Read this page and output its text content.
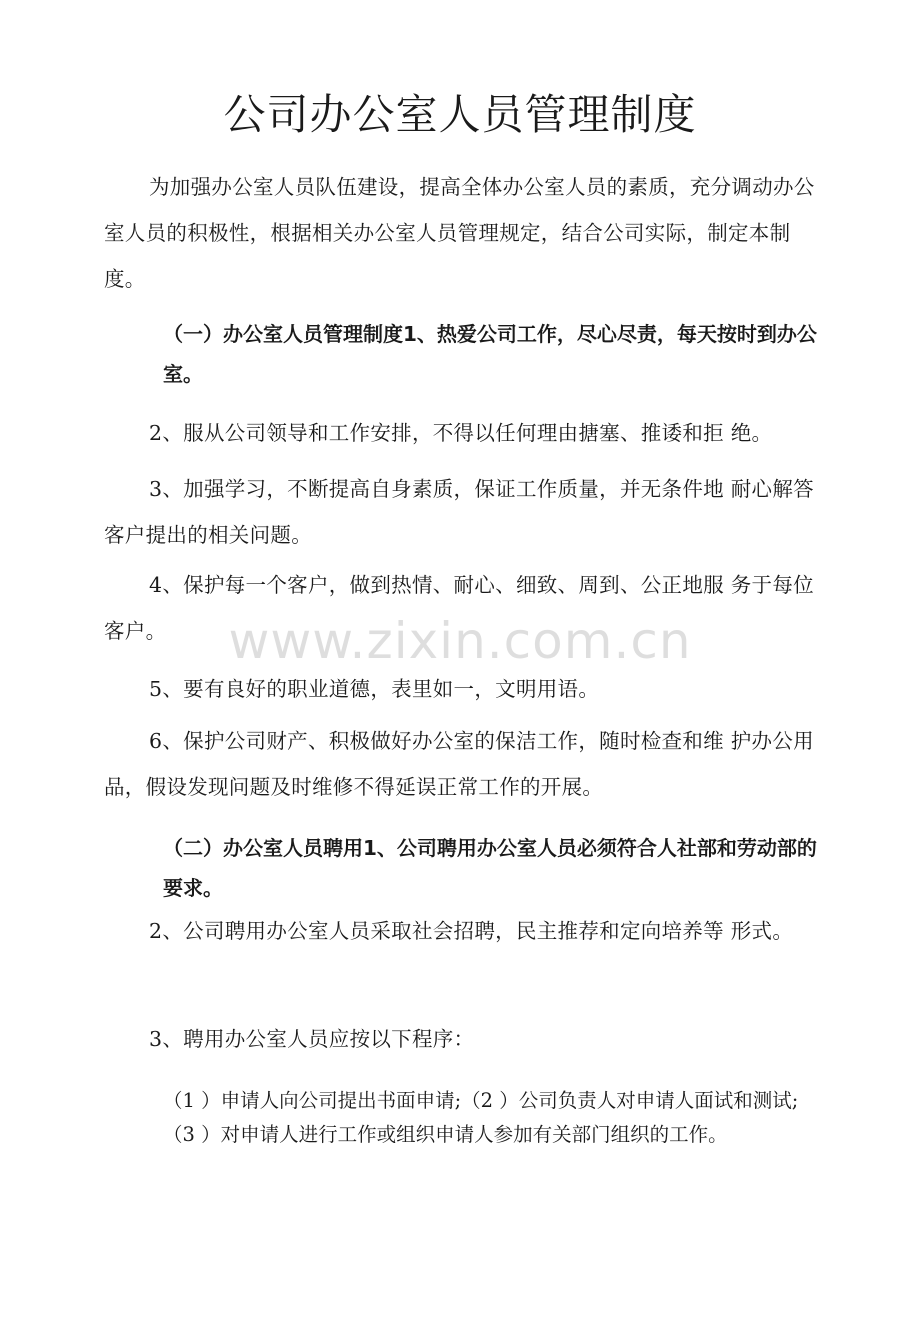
公司办公室人员管理制度

为加强办公室人员队伍建设，提高全体办公室人员的素质，充分调动办公室人员的积极性，根据相关办公室人员管理规定，结合公司实际，制定本制度。

（一）办公室人员管理制度1、热爱公司工作，尽心尽责，每天按时到办公室。

2、服从公司领导和工作安排，不得以任何理由搪塞、推诿和拒 绝。

3、加强学习，不断提高自身素质，保证工作质量，并无条件地 耐心解答客户提出的相关问题。

4、保护每一个客户，做到热情、耐心、细致、周到、公正地服 务于每位客户。

5、要有良好的职业道德，表里如一，文明用语。

6、保护公司财产、积极做好办公室的保洁工作，随时检查和维 护办公用品，假设发现问题及时维修不得延误正常工作的开展。

（二）办公室人员聘用1、公司聘用办公室人员必须符合人社部和劳动部的要求。

2、公司聘用办公室人员采取社会招聘，民主推荐和定向培养等 形式。

3、聘用办公室人员应按以下程序：

（1 ）申请人向公司提出书面申请;（2 ）公司负责人对申请人面试和测试;（3 ）对申请人进行工作或组织申请人参加有关部门组织的工作。

www.zixin.com.cn
